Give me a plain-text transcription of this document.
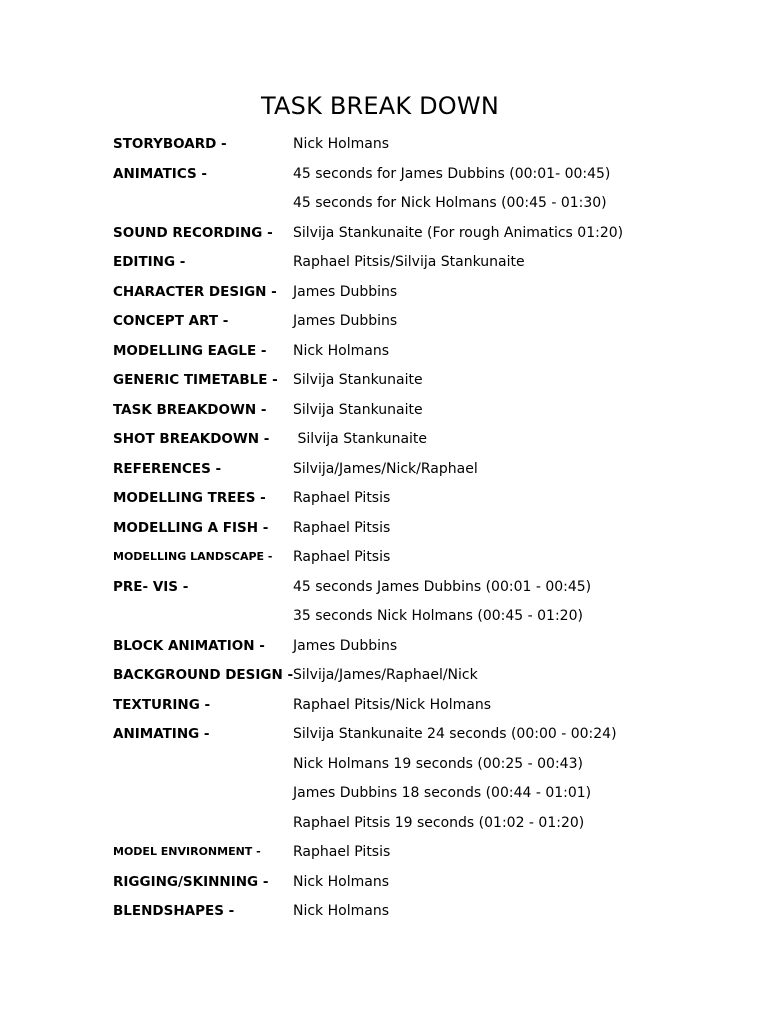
TASK BREAK DOWN
STORYBOARD -	Nick Holmans
ANIMATICS -	45 seconds for James Dubbins (00:01- 00:45)
45 seconds for Nick Holmans (00:45 - 01:30)
SOUND RECORDING - Silvija Stankunaite (For rough Animatics 01:20)
EDITING -	Raphael Pitsis/Silvija Stankunaite
CHARACTER DESIGN - James Dubbins
CONCEPT ART -	James Dubbins
MODELLING EAGLE - Nick Holmans
GENERIC TIMETABLE - Silvija Stankunaite
TASK BREAKDOWN - Silvija Stankunaite
SHOT BREAKDOWN - Silvija Stankunaite
REFERENCES -	Silvija/James/Nick/Raphael
MODELLING TREES - Raphael Pitsis
MODELLING A FISH - Raphael Pitsis
MODELLING LANDSCAPE - Raphael Pitsis
PRE- VIS -	45 seconds James Dubbins (00:01 - 00:45)
35 seconds Nick Holmans (00:45 - 01:20)
BLOCK ANIMATION - James Dubbins
BACKGROUND DESIGN - Silvija/James/Raphael/Nick
TEXTURING -	Raphael Pitsis/Nick Holmans
ANIMATING -	Silvija Stankunaite 24 seconds (00:00 - 00:24)
Nick Holmans 19 seconds (00:25 - 00:43)
James Dubbins 18 seconds (00:44 - 01:01)
Raphael Pitsis 19 seconds (01:02 - 01:20)
MODEL ENVIRONMENT - Raphael Pitsis
RIGGING/SKINNING - Nick Holmans
BLENDSHAPES -	Nick Holmans
